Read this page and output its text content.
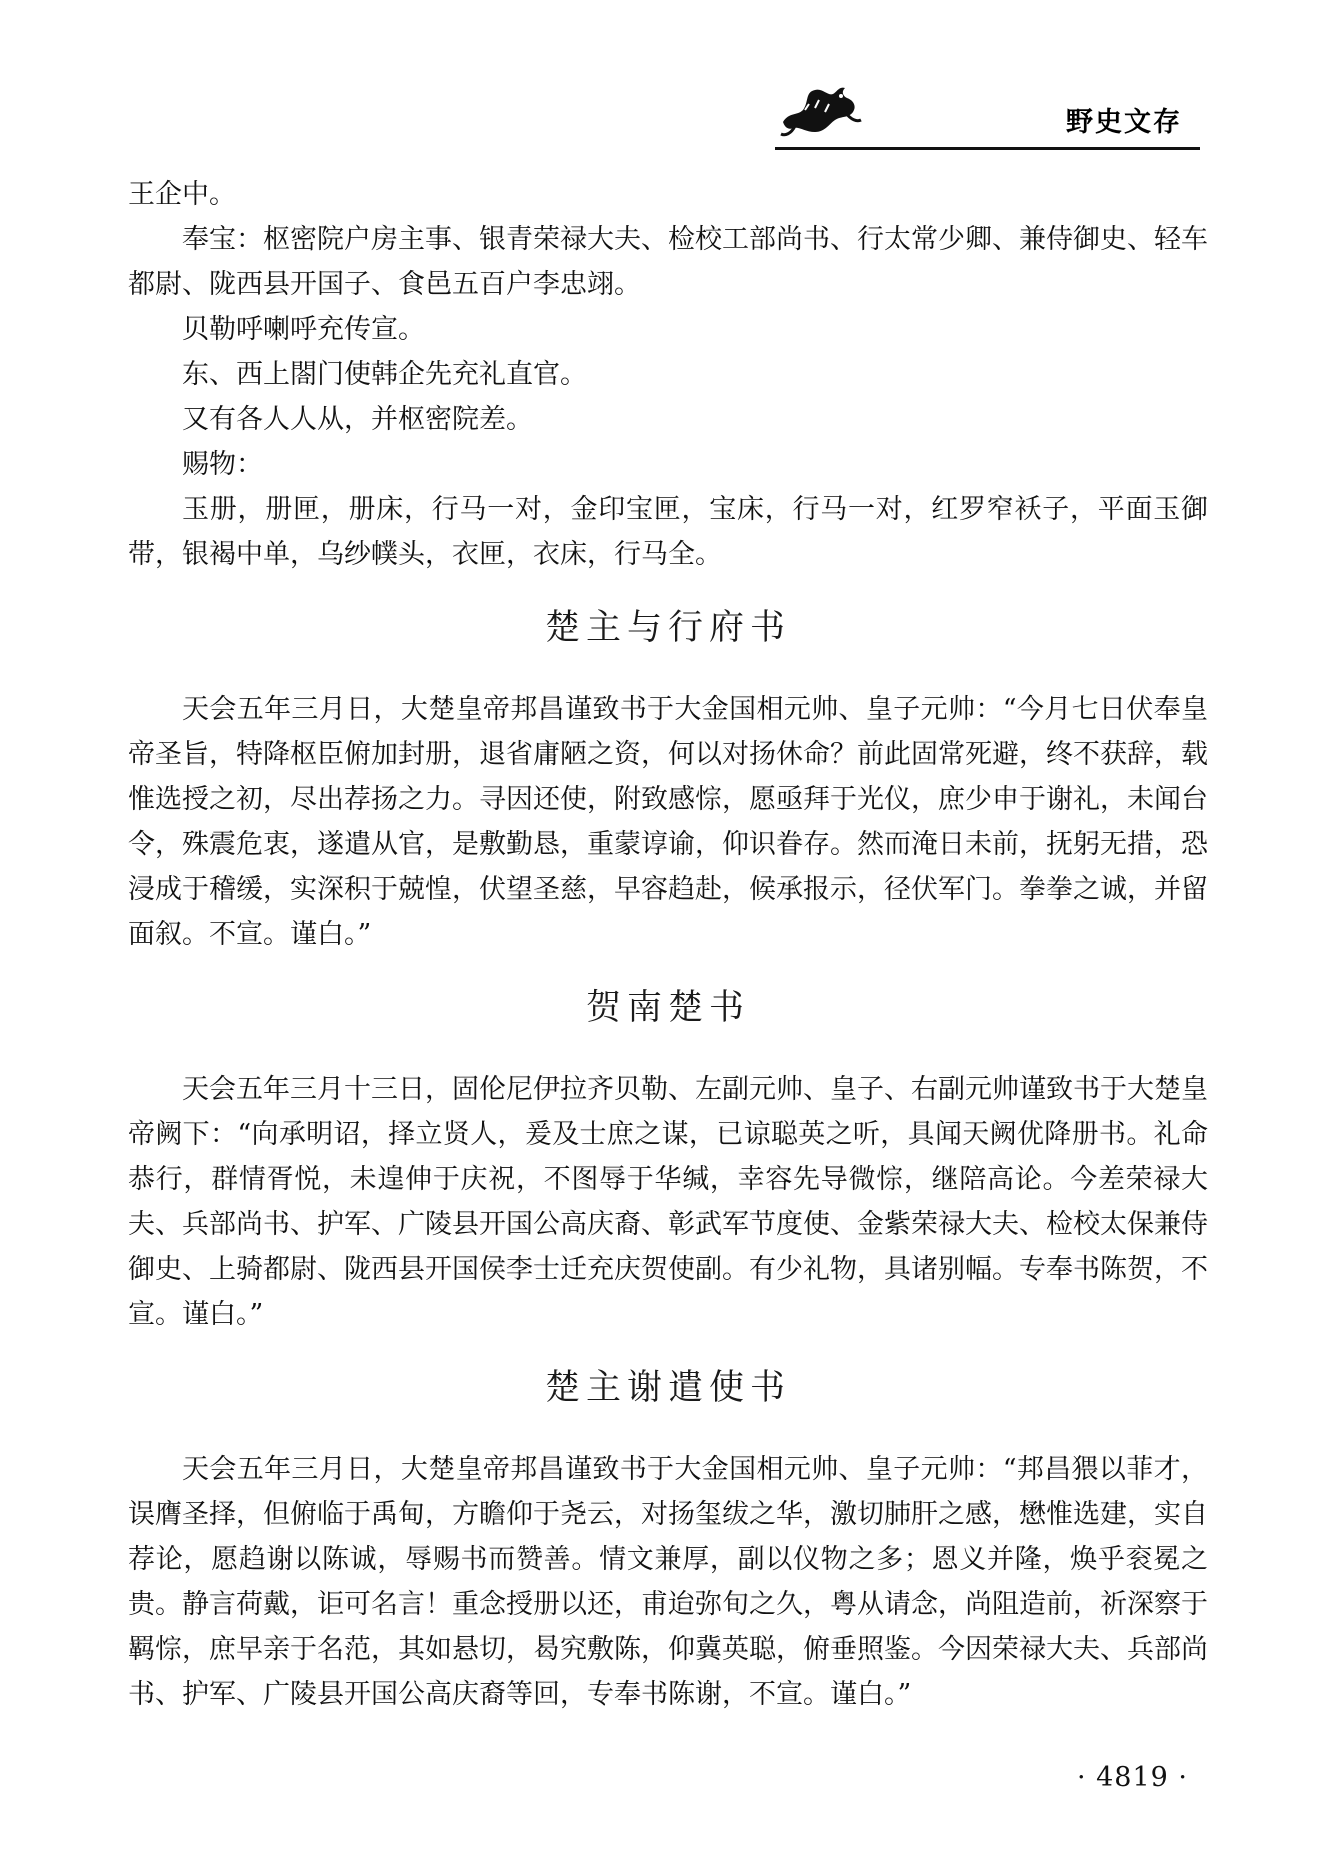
野史文存

王企中。

奉宝：枢密院户房主事、银青荣禄大夫、检校工部尚书、行太常少卿、兼侍御史、轻车都尉、陇西县开国子、食邑五百户李忠翊。

贝勒呼喇呼充传宣。

东、西上閤门使韩企先充礼直官。

又有各人人从，并枢密院差。

赐物：

玉册，册匣，册床，行马一对，金印宝匣，宝床，行马一对，红罗窄袄子，平面玉御带，银褐中单，乌纱幞头，衣匣，衣床，行马全。

楚主与行府书

天会五年三月日，大楚皇帝邦昌谨致书于大金国相元帅、皇子元帅：“今月七日伏奉皇帝圣旨，特降枢臣俯加封册，退省庸陋之资，何以对扬休命？前此固常死避，终不获辞，载惟选授之初，尽出荐扬之力。寻因还使，附致感悰，愿亟拜于光仪，庶少申于谢礼，未闻台令，殊震危衷，遂遣从官，是敷勤恳，重蒙谆谕，仰识眷存。然而淹日未前，抚躬无措，恐浸成于稽缓，实深积于兢惶，伏望圣慈，早容趋赴，候承报示，径伏军门。拳拳之诚，并留面叙。不宣。谨白。”

贺南楚书

天会五年三月十三日，固伦尼伊拉齐贝勒、左副元帅、皇子、右副元帅谨致书于大楚皇帝阙下：“向承明诏，择立贤人，爰及士庶之谋，已谅聪英之听，具闻天阙优降册书。礼命恭行，群情胥悦，未遑伸于庆祝，不图辱于华缄，幸容先导微悰，继陪高论。今差荣禄大夫、兵部尚书、护军、广陵县开国公高庆裔、彰武军节度使、金紫荣禄大夫、检校太保兼侍御史、上骑都尉、陇西县开国侯李士迁充庆贺使副。有少礼物，具诸别幅。专奉书陈贺，不宣。谨白。”

楚主谢遣使书

天会五年三月日，大楚皇帝邦昌谨致书于大金国相元帅、皇子元帅：“邦昌猥以菲才，误膺圣择，但俯临于禹甸，方瞻仰于尧云，对扬玺绂之华，激切肺肝之感，懋惟选建，实自荐论，愿趋谢以陈诚，辱赐书而赞善。情文兼厚，副以仪物之多；恩义并隆，焕乎衮冕之贵。静言荷戴，讵可名言！重念授册以还，甫迨弥旬之久，粤从请念，尚阻造前，祈深察于羁悰，庶早亲于名范，其如悬切，曷究敷陈，仰冀英聪，俯垂照鉴。今因荣禄大夫、兵部尚书、护军、广陵县开国公高庆裔等回，专奉书陈谢，不宣。谨白。”

· 4819 ·
